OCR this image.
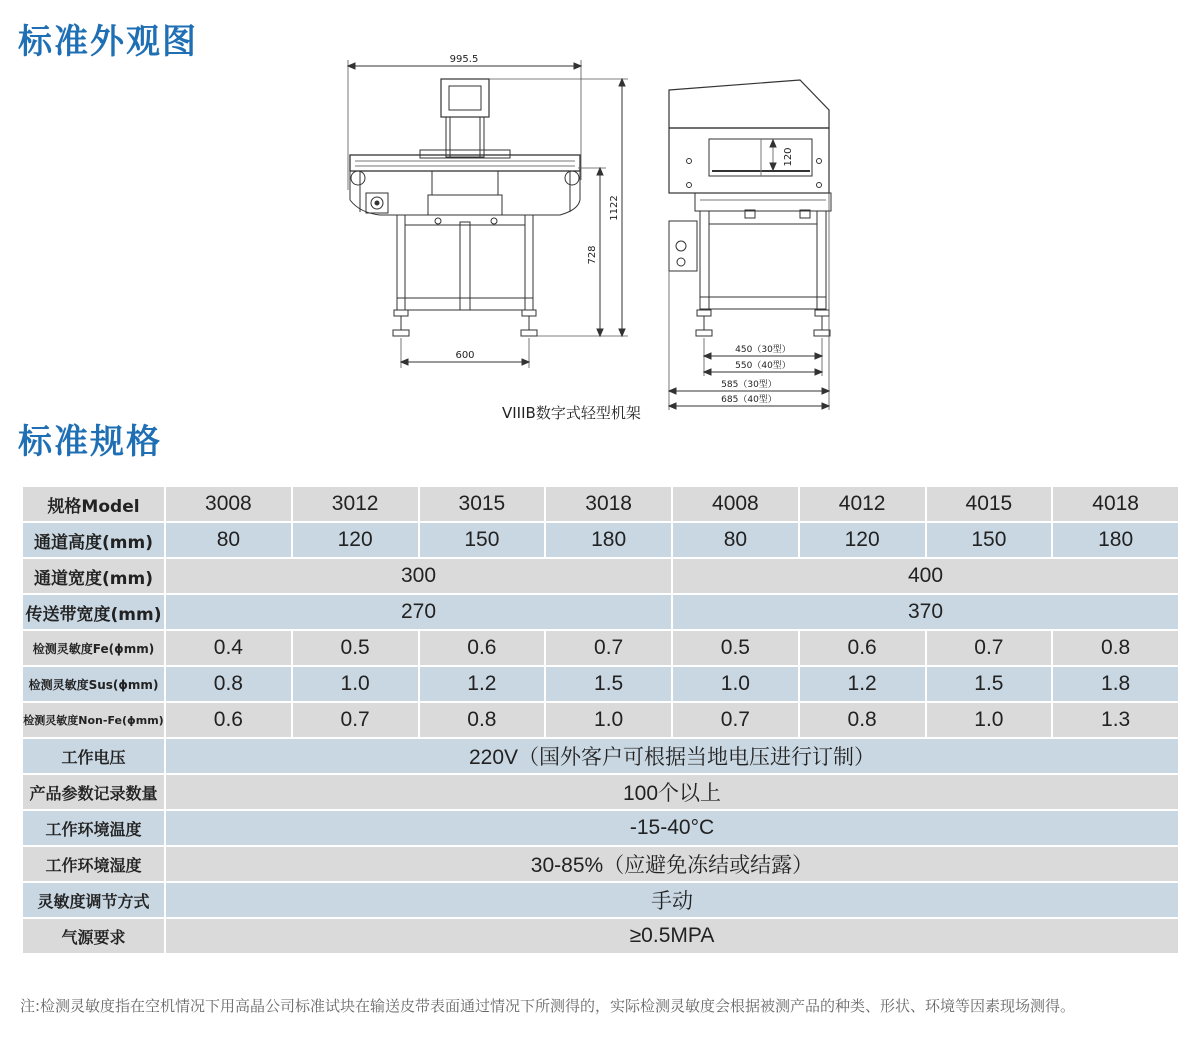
标准外观图	995.5
1122
728
600
120
450（30型）
550（40型）
585（30型）
685（40型）
VIIIB数字式轻型机架
标准规格
规格Model	3008	3012	3015	3018	4008	4012	4015	4018
通道高度(mm)	80	120	150	180	80	120	150	180
通道宽度(mm)	300				400			
传送带宽度(mm)	270				370			
检测灵敏度Fe(ϕmm)	0.4	0.5	0.6	0.7	0.5	0.6	0.7	0.8
检测灵敏度Sus(ϕmm)	0.8	1.0	1.2	1.5	1.0	1.2	1.5	1.8
检测灵敏度Non-Fe(ϕmm)	0.6	0.7	0.8	1.0	0.7	0.8	1.0	1.3
工作电压	220V（国外客户可根据当地电压进行订制）							
产品参数记录数量	100个以上							
工作环境温度	-15-40°C							
工作环境湿度	30-85%（应避免冻结或结露）							
灵敏度调节方式	手动							
气源要求	≥0.5MPA							

注:检测灵敏度指在空机情况下用高晶公司标准试块在输送皮带表面通过情况下所测得的，实际检测灵敏度会根据被测产品的种类、形状、环境等因素现场测得。
